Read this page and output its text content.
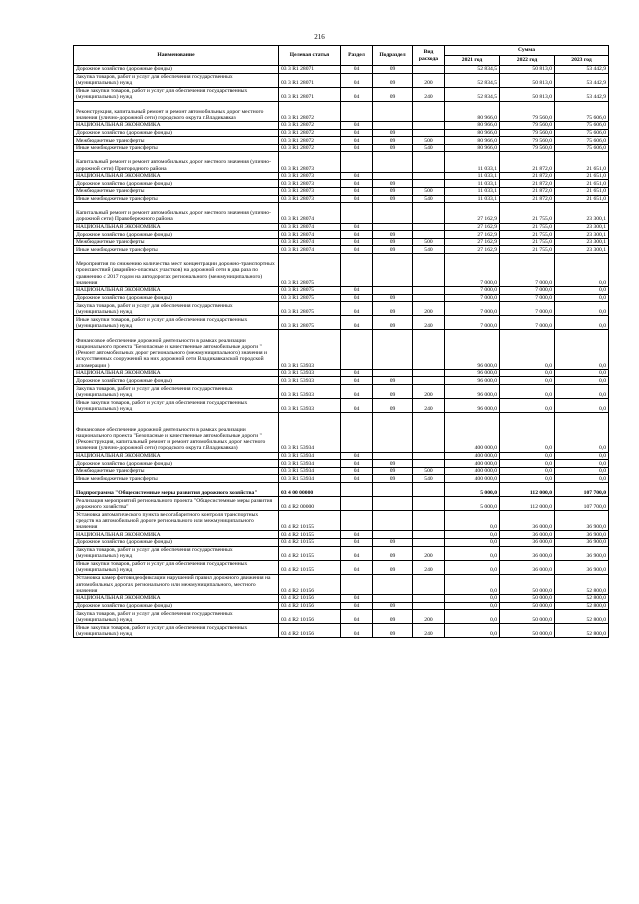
216
Наименование	Целевая статья	Раздел	Подраздел	Вид расхода	Сумма		
					2021 год	2022 год	2023 год
Дорожное хозяйство (дорожные фонды)	03 3 R1 28071	04	09		52 834,5	50 813,0	53 442,9
Закупка товаров, работ и услуг для обеспечения государственных (муниципальных) нужд	03 3 R1 28071	04	09	200	52 834,5	50 813,0	53 442,9
Иные закупки товаров, работ и услуг для обеспечения государственных (муниципальных) нужд	03 3 R1 28071	04	09	240	52 834,5	50 813,0	53 442,9
Реконструкция, капитальный ремонт и ремонт автомобильных дорог местного значения (улично-дорожной сети) городского округа г.Владикавказ	03 3 R1 28072				80 966,0	79 560,0	75 606,0
НАЦИОНАЛЬНАЯ ЭКОНОМИКА	03 3 R1 28072	04			80 966,0	79 560,0	75 606,0
Дорожное хозяйство (дорожные фонды)	03 3 R1 28072	04	09		80 966,0	79 560,0	75 606,0
Межбюджетные трансферты	03 3 R1 28072	04	09	500	80 966,0	79 560,0	75 606,0
Иные межбюджетные трансферты	03 3 R1 28072	04	09	540	80 966,0	79 560,0	75 606,0
Капитальный ремонт и ремонт автомобильных дорог местного значения (улично-дорожной сети) Пригородного района	03 3 R1 28073				11 033,1	21 872,0	21 651,0
НАЦИОНАЛЬНАЯ ЭКОНОМИКА	03 3 R1 28073	04			11 033,1	21 872,0	21 651,0
Дорожное хозяйство (дорожные фонды)	03 3 R1 28073	04	09		11 033,1	21 872,0	21 651,0
Межбюджетные трансферты	03 3 R1 28073	04	09	500	11 033,1	21 872,0	21 651,0
Иные межбюджетные трансферты	03 3 R1 28073	04	09	540	11 033,1	21 872,0	21 651,0
Капитальный ремонт и ремонт автомобильных дорог местного значения (улично-дорожной сети) Правобережного района	03 3 R1 28074				27 162,9	21 755,0	23 300,1
НАЦИОНАЛЬНАЯ ЭКОНОМИКА	03 3 R1 28074	04			27 162,9	21 755,0	23 300,1
Дорожное хозяйство (дорожные фонды)	03 3 R1 28074	04	09		27 162,9	21 755,0	23 300,1
Межбюджетные трансферты	03 3 R1 28074	04	09	500	27 162,9	21 755,0	23 300,1
Иные межбюджетные трансферты	03 3 R1 28074	04	09	540	27 162,9	21 755,0	23 300,1
Мероприятия по снижению количества мест концентрации дорожно-транспортных происшествий (аварийно-опасных участков) на дорожной сети в два раза по сравнению с 2017 годом на автодорогах регионального (межмуниципального) значения	03 3 R1 28075				7 000,0	7 000,0	0,0
НАЦИОНАЛЬНАЯ ЭКОНОМИКА	03 3 R1 28075	04			7 000,0	7 000,0	0,0
Дорожное хозяйство (дорожные фонды)	03 3 R1 28075	04	09		7 000,0	7 000,0	0,0
Закупка товаров, работ и услуг для обеспечения государственных (муниципальных) нужд	03 3 R1 28075	04	09	200	7 000,0	7 000,0	0,0
Иные закупки товаров, работ и услуг для обеспечения государственных (муниципальных) нужд	03 3 R1 28075	04	09	240	7 000,0	7 000,0	0,0
Финансовое обеспечение дорожной деятельности в рамках реализации национального проекта "Безопасные и качественные автомобильные дороги " (Ремонт автомобильных дорог регионального (межмуниципального) значения и искусственных сооружений на них дорожной сети Владикавказской городской агломерации )	03 3 R1 53933				96 000,0	0,0	0,0
НАЦИОНАЛЬНАЯ ЭКОНОМИКА	03 3 R1 53933	04			96 000,0	0,0	0,0
Дорожное хозяйство (дорожные фонды)	03 3 R1 53933	04	09		96 000,0	0,0	0,0
Закупка товаров, работ и услуг для обеспечения государственных (муниципальных) нужд	03 3 R1 53933	04	09	200	96 000,0	0,0	0,0
Иные закупки товаров, работ и услуг для обеспечения государственных (муниципальных) нужд	03 3 R1 53933	04	09	240	96 000,0	0,0	0,0
Финансовое обеспечение дорожной деятельности в рамках реализации национального проекта "Безопасные и качественные автомобильные дороги " (Реконструкция, капитальный ремонт и ремонт автомобильных дорог местного значения (улично-дорожной сети) городского округа г.Владикавказ)	03 3 R1 53934				400 000,0	0,0	0,0
НАЦИОНАЛЬНАЯ ЭКОНОМИКА	03 3 R1 53934	04			400 000,0	0,0	0,0
Дорожное хозяйство (дорожные фонды)	03 3 R1 53934	04	09		400 000,0	0,0	0,0
Межбюджетные трансферты	03 3 R1 53934	04	09	500	400 000,0	0,0	0,0
Иные межбюджетные трансферты	03 3 R1 53934	04	09	540	400 000,0	0,0	0,0
Подпрограмма "Общесистемные меры развития дорожного хозяйства"	03 4 00 00000				5 000,0	112 000,0	107 700,0
Реализация мероприятий регионального проекта "Общесистемные меры развития дорожного хозяйства"	03 4 R2 00000				5 000,0	112 000,0	107 700,0
Установка автоматического пункта весогабаритного контроля транспортных средств на автомобильной дороге регионального или межмуниципального значения	03 4 R2 10155				0,0	36 000,0	36 900,0
НАЦИОНАЛЬНАЯ ЭКОНОМИКА	03 4 R2 10155	04			0,0	36 000,0	36 900,0
Дорожное хозяйство (дорожные фонды)	03 4 R2 10155	04	09		0,0	36 000,0	36 900,0
Закупка товаров, работ и услуг для обеспечения государственных (муниципальных) нужд	03 4 R2 10155	04	09	200	0,0	36 000,0	36 900,0
Иные закупки товаров, работ и услуг для обеспечения государственных (муниципальных) нужд	03 4 R2 10155	04	09	240	0,0	36 000,0	36 900,0
Установка камер фотовидеофиксации нарушений правил дорожного движения на автомобильных дорогах регионального или межмуниципального, местного значения	03 4 R2 10156				0,0	50 000,0	52 800,0
НАЦИОНАЛЬНАЯ ЭКОНОМИКА	03 4 R2 10156	04			0,0	50 000,0	52 800,0
Дорожное хозяйство (дорожные фонды)	03 4 R2 10156	04	09		0,0	50 000,0	52 800,0
Закупка товаров, работ и услуг для обеспечения государственных (муниципальных) нужд	03 4 R2 10156	04	09	200	0,0	50 000,0	52 800,0
Иные закупки товаров, работ и услуг для обеспечения государственных (муниципальных) нужд	03 4 R2 10156	04	09	240	0,0	50 000,0	52 800,0
